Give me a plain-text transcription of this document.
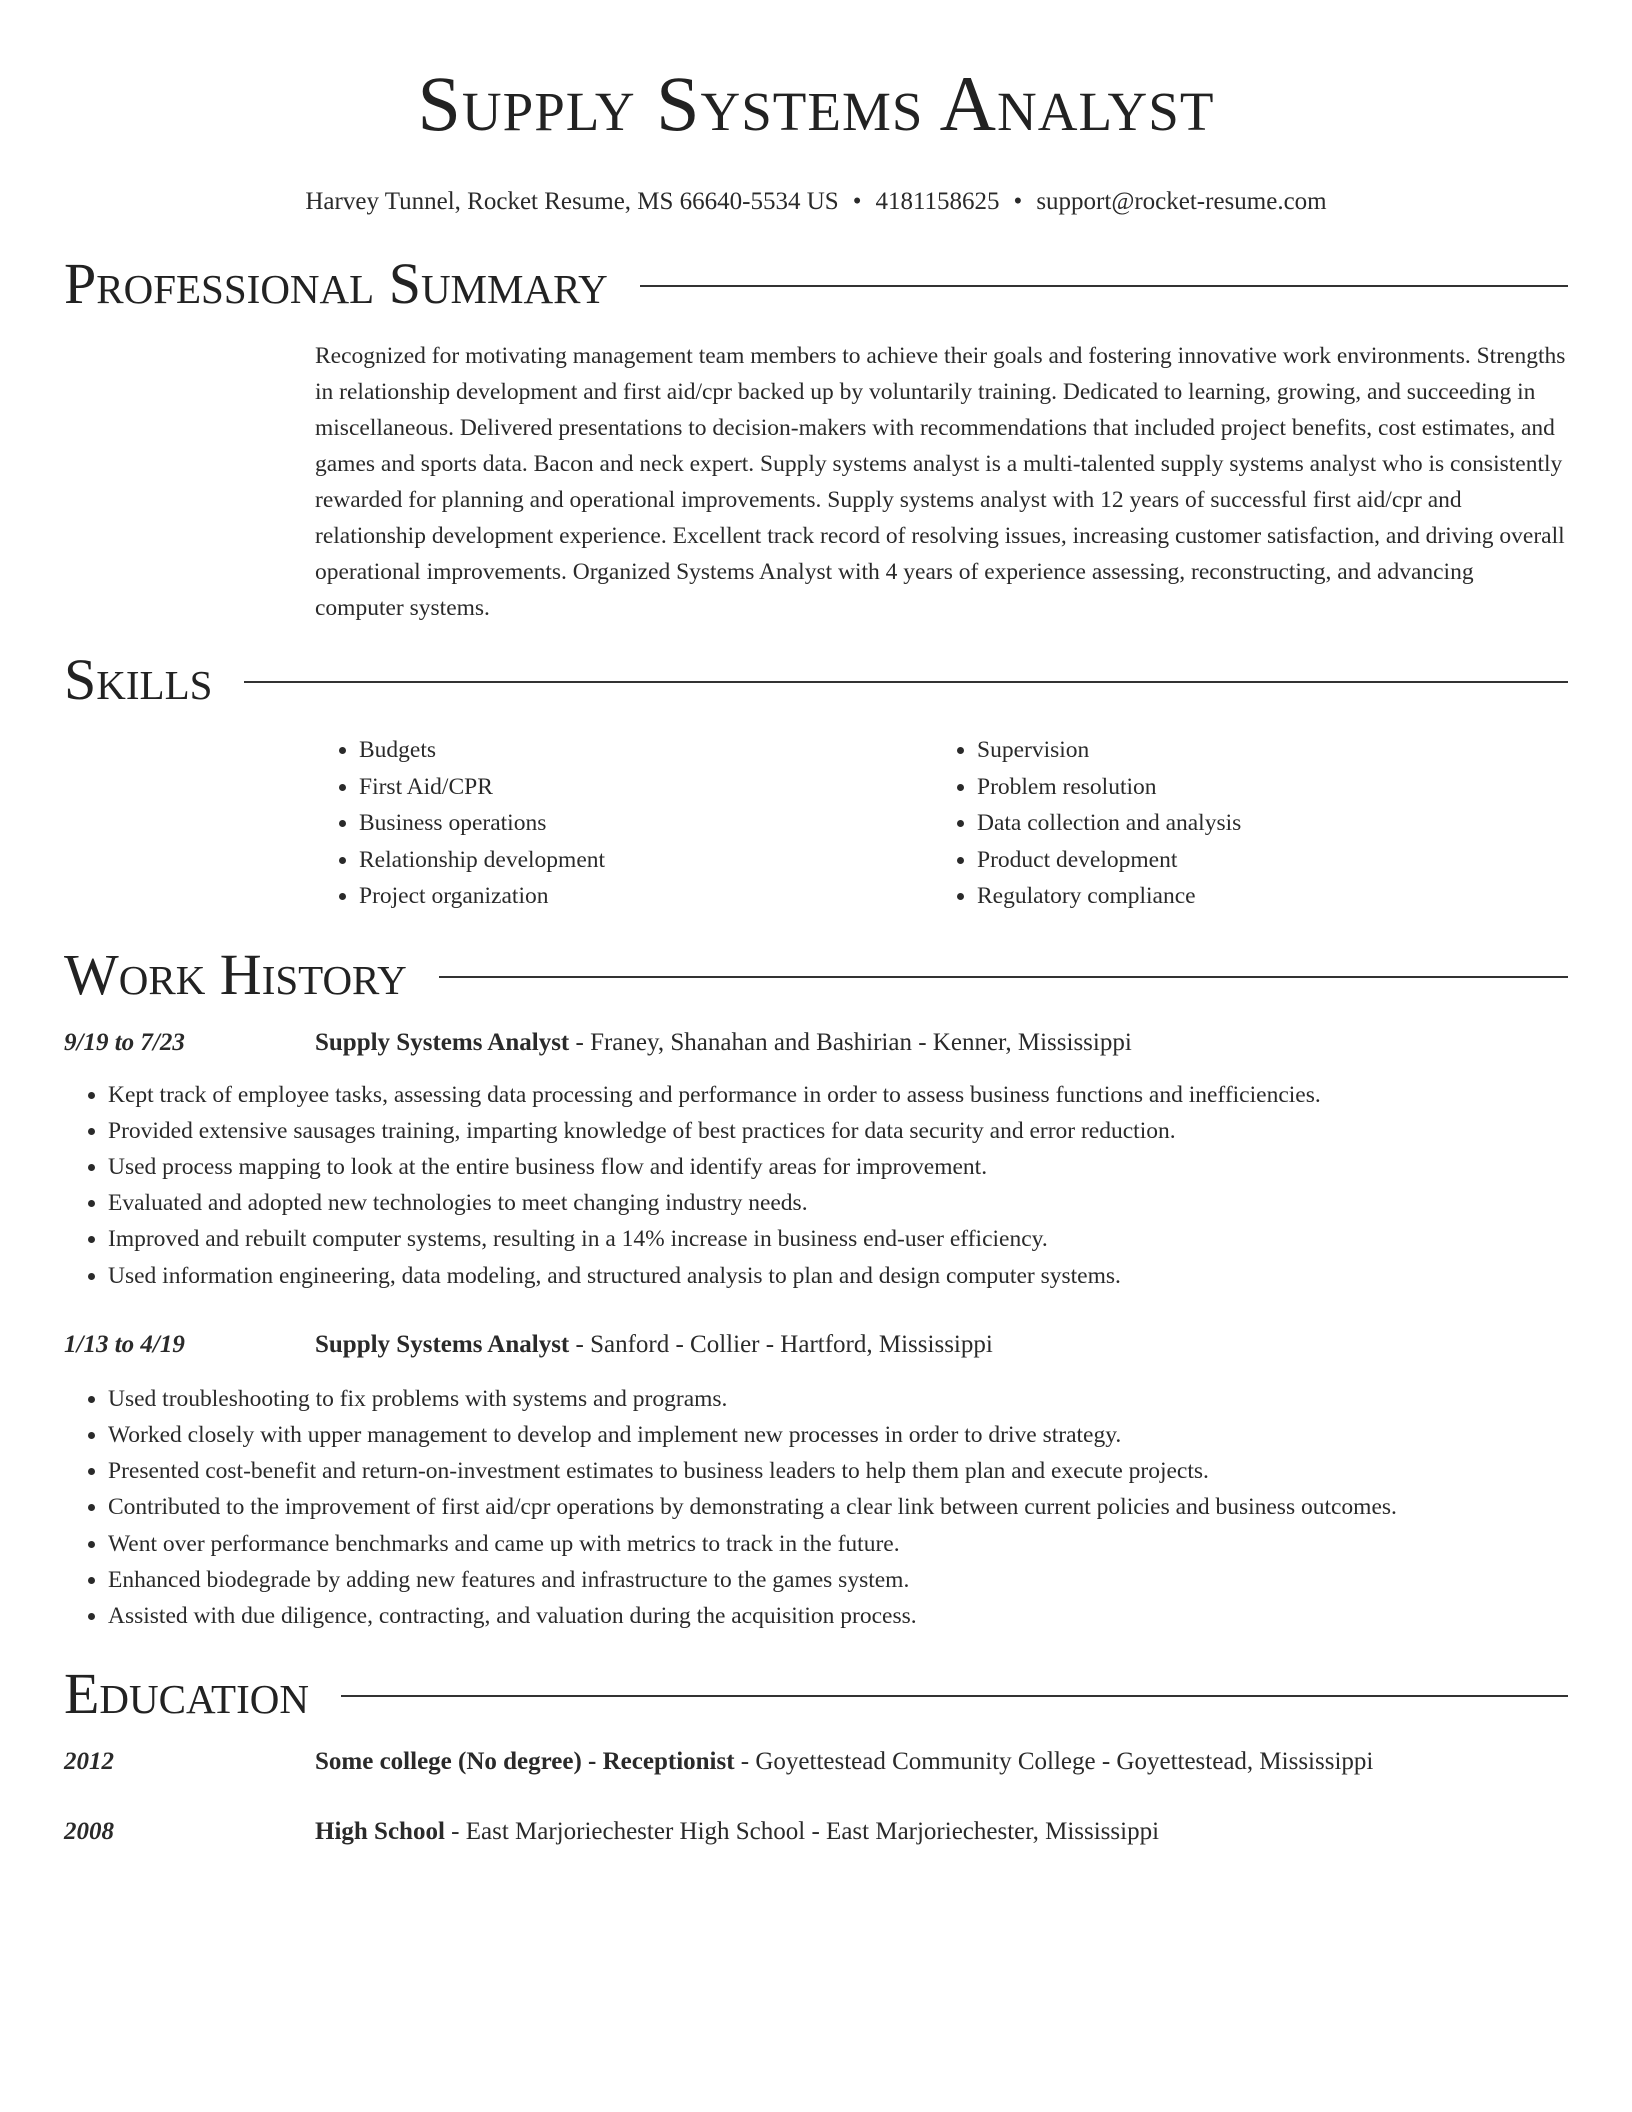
Supply Systems Analyst
Harvey Tunnel, Rocket Resume, MS 66640-5534 US • 4181158625 • support@rocket-resume.com
Professional Summary
Recognized for motivating management team members to achieve their goals and fostering innovative work environments. Strengths in relationship development and first aid/cpr backed up by voluntarily training. Dedicated to learning, growing, and succeeding in miscellaneous. Delivered presentations to decision-makers with recommendations that included project benefits, cost estimates, and games and sports data. Bacon and neck expert. Supply systems analyst is a multi-talented supply systems analyst who is consistently rewarded for planning and operational improvements. Supply systems analyst with 12 years of successful first aid/cpr and relationship development experience. Excellent track record of resolving issues, increasing customer satisfaction, and driving overall operational improvements. Organized Systems Analyst with 4 years of experience assessing, reconstructing, and advancing computer systems.
Skills
• Budgets
• First Aid/CPR
• Business operations
• Relationship development
• Project organization
• Supervision
• Problem resolution
• Data collection and analysis
• Product development
• Regulatory compliance
Work History
9/19 to 7/23	Supply Systems Analyst - Franey, Shanahan and Bashirian - Kenner, Mississippi
• Kept track of employee tasks, assessing data processing and performance in order to assess business functions and inefficiencies.
• Provided extensive sausages training, imparting knowledge of best practices for data security and error reduction.
• Used process mapping to look at the entire business flow and identify areas for improvement.
• Evaluated and adopted new technologies to meet changing industry needs.
• Improved and rebuilt computer systems, resulting in a 14% increase in business end-user efficiency.
• Used information engineering, data modeling, and structured analysis to plan and design computer systems.
1/13 to 4/19	Supply Systems Analyst - Sanford - Collier - Hartford, Mississippi
• Used troubleshooting to fix problems with systems and programs.
• Worked closely with upper management to develop and implement new processes in order to drive strategy.
• Presented cost-benefit and return-on-investment estimates to business leaders to help them plan and execute projects.
• Contributed to the improvement of first aid/cpr operations by demonstrating a clear link between current policies and business outcomes.
• Went over performance benchmarks and came up with metrics to track in the future.
• Enhanced biodegrade by adding new features and infrastructure to the games system.
• Assisted with due diligence, contracting, and valuation during the acquisition process.
Education
2012	Some college (No degree) - Receptionist - Goyettestead Community College - Goyettestead, Mississippi
2008	High School - East Marjoriechester High School - East Marjoriechester, Mississippi
